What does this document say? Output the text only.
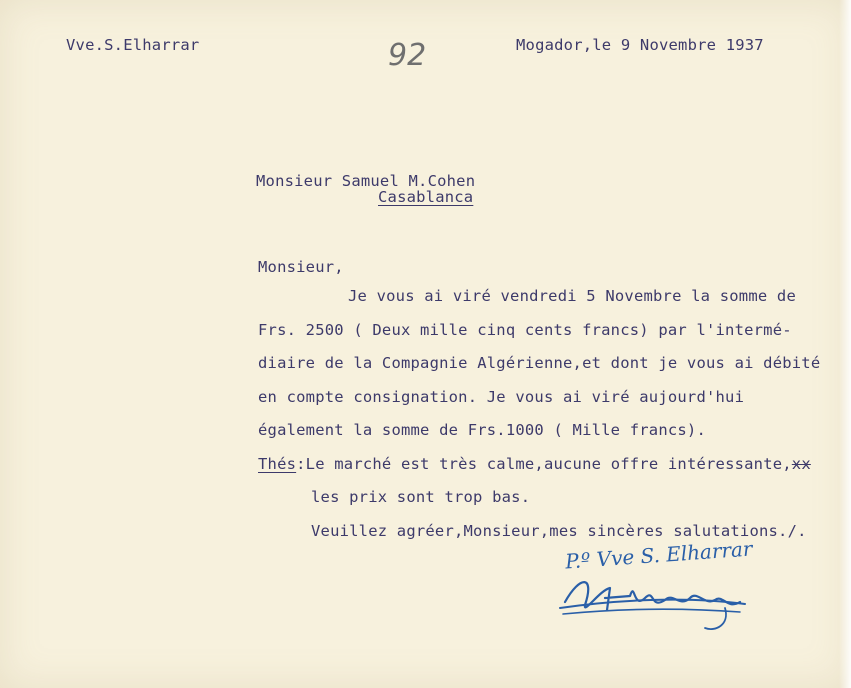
Vve.S.Elharrar	92	Mogador,le 9 Novembre 1937
Monsieur Samuel M.Cohen
Casablanca
Monsieur,
Je vous ai viré vendredi 5 Novembre la somme de
Frs. 2500 ( Deux mille cinq cents francs) par l'intermé-
diaire de la Compagnie Algérienne,et dont je vous ai débité
en compte consignation. Je vous ai viré aujourd'hui
également la somme de Frs.1000 ( Mille francs).
Thés:Le marché est très calme,aucune offre intéressante,xx
les prix sont trop bas.
Veuillez agréer,Monsieur,mes sincères salutations./.
P.º Vve S. Elharrar
